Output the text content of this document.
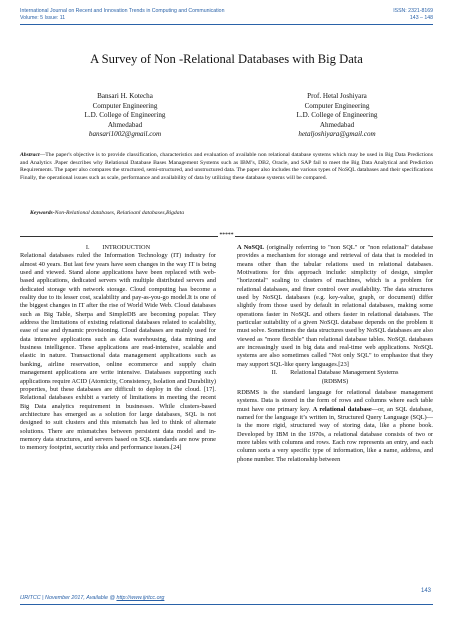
International Journal on Recent and Innovation Trends in Computing and Communication
Volume: 5 Issue: 11
ISSN: 2321-8169
143 – 148
A Survey of Non -Relational Databases with Big Data
Bansari H. Kotecha
Computer Engineering
L.D. College of Engineering
Ahmedabad
bansari1002@gmail.com
Prof. Hetal Joshiyara
Computer Engineering
L.D. College of Engineering
Ahmedabad
hetaljoshiyara@gmail.com
Abstract—The paper's objective is to provide classification, characteristics and evaluation of available non relational database systems which may be used in Big Data Predictions and Analytics .Paper describes why Relational Database Bases Management Systems such as IBM’s, DB2, Oracle, and SAP fail to meet the Big Data Analytical and Prediction Requirements. The paper also compares the structured, semi-structured, and unstructured data. The paper also includes the various types of NoSQL databases and their specifications Finally, the operational issues such as scale, performance and availability of data by utilizing these database systems will be compared.
Keywords-Non-Relational databases, Relatioanl databases,Bigdata
*****

I.        INTRODUCTION

Relational databases ruled the Information Technology (IT) industry for almost 40 years. But last few years have seen changes in the way IT is being used and viewed. Stand alone applications have been replaced with web-based applications, dedicated servers with multiple distributed servers and dedicated storage with network storage. Cloud computing has become a reality due to its lesser cost, scalability and pay-as-you-go model.It is one of the biggest changes in IT after the rise of World Wide Web. Cloud databases such as Big Table, Sherpa and SimpleDB are becoming popular. They address the limitations of existing relational databases related to scalability, ease of use and dynamic provisioning. Cloud databases are mainly used for data intensive applications such as data warehousing, data mining and business intelligence. These applications are read-intensive, scalable and elastic in nature. Transactional data management applications such as banking, airline reservation, online ecommerce and supply chain management applications are write intensive. Databases supporting such applications require ACID (Atomicity, Consistency, Isolation and Durability) properties, but these databases are difficult to deploy in the cloud. [17]. Relational databases exhibit a variety of limitations in meeting the recent Big Data analytics requirement in businesses. While clusters-based architecture has emerged as a solution for large databases, SQL is not designed to suit clusters and this mismatch has led to think of alternate solutions. There are mismatches between persistent data model and in-memory data structures, and servers based on SQL standards are now prone to memory footprint, security risks and performance issues.[24]

A NoSQL (originally referring to "non SQL" or "non relational" database provides a mechanism for storage and retrieval of data that is modeled in means other than the tabular relations used in relational databases. Motivations for this approach include: simplicity of design, simpler "horizontal" scaling to clusters of machines, which is a problem for relational databases, and finer control over availability. The data structures used by NoSQL databases (e.g. key-value, graph, or document) differ slightly from those used by default in relational databases, making some operations faster in NoSQL and others faster in relational databases. The particular suitability of a given NoSQL database depends on the problem it must solve. Sometimes the data structures used by NoSQL databases are also viewed as "more flexible" than relational database tables. NoSQL databases are increasingly used in big data and real-time web applications. NoSQL systems are also sometimes called "Not only SQL" to emphasize that they may support SQL-like query languages.[23]

II.        Relational Database Management Systems
(RDBMS)

RDBMS is the standard language for relational database management systems. Data is stored in the form of rows and columns where each table must have one primary key. A relational database—or, an SQL database, named for the language it’s written in, Structured Query Language (SQL)—is the more rigid, structured way of storing data, like a phone book. Developed by IBM in the 1970s, a relational database consists of two or more tables with columns and rows. Each row represents an entry, and each column sorts a very specific type of information, like a name, address, and phone number. The relationship between

143
IJRITCC | November 2017, Available @ http://www.ijritcc.org
